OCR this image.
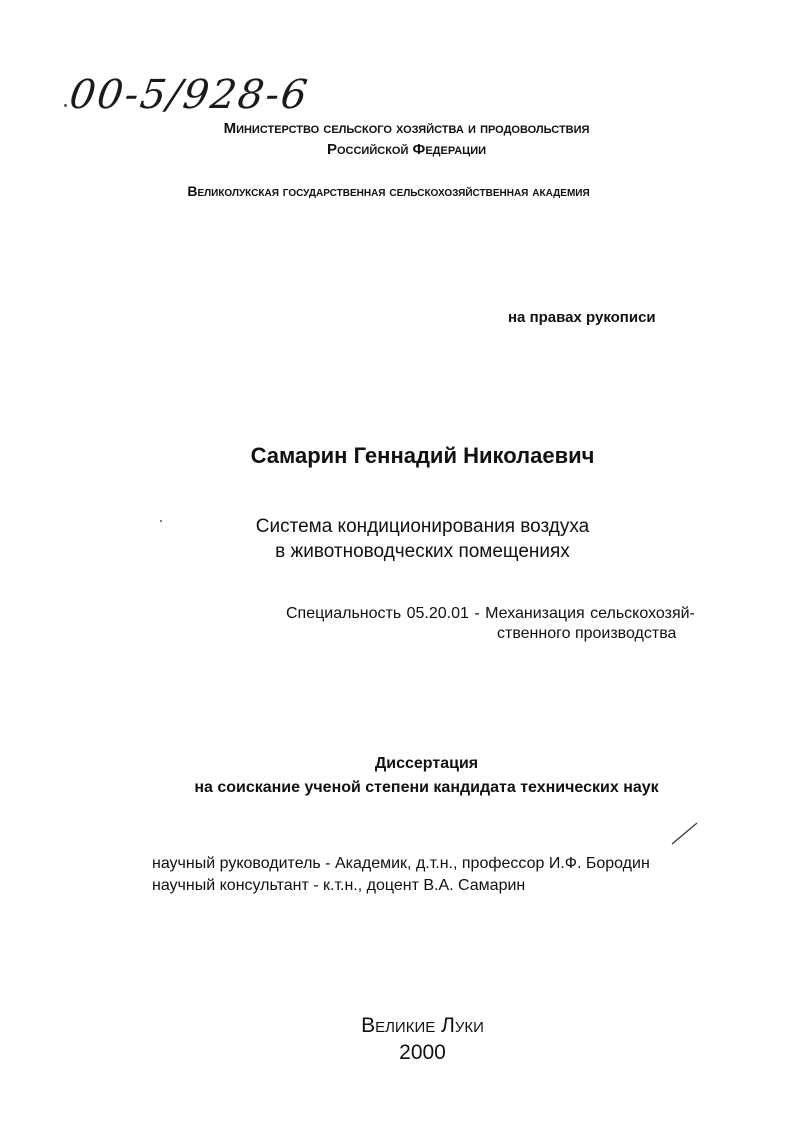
00-5/928-6
Министерство сельского хозяйства и продовольствия
Российской Федерации
Великолукская государственная сельскохозяйственная академия
на правах рукописи
Самарин Геннадий Николаевич
Система кондиционирования воздуха
в животноводческих помещениях
Специальность 05.20.01 - Механизация сельскохозяй-
ственного производства
Диссертация
на соискание ученой степени кандидата технических наук
научный руководитель - Академик, д.т.н., профессор И.Ф. Бородин
научный консультант - к.т.н., доцент В.А. Самарин
Великие Луки
2000
